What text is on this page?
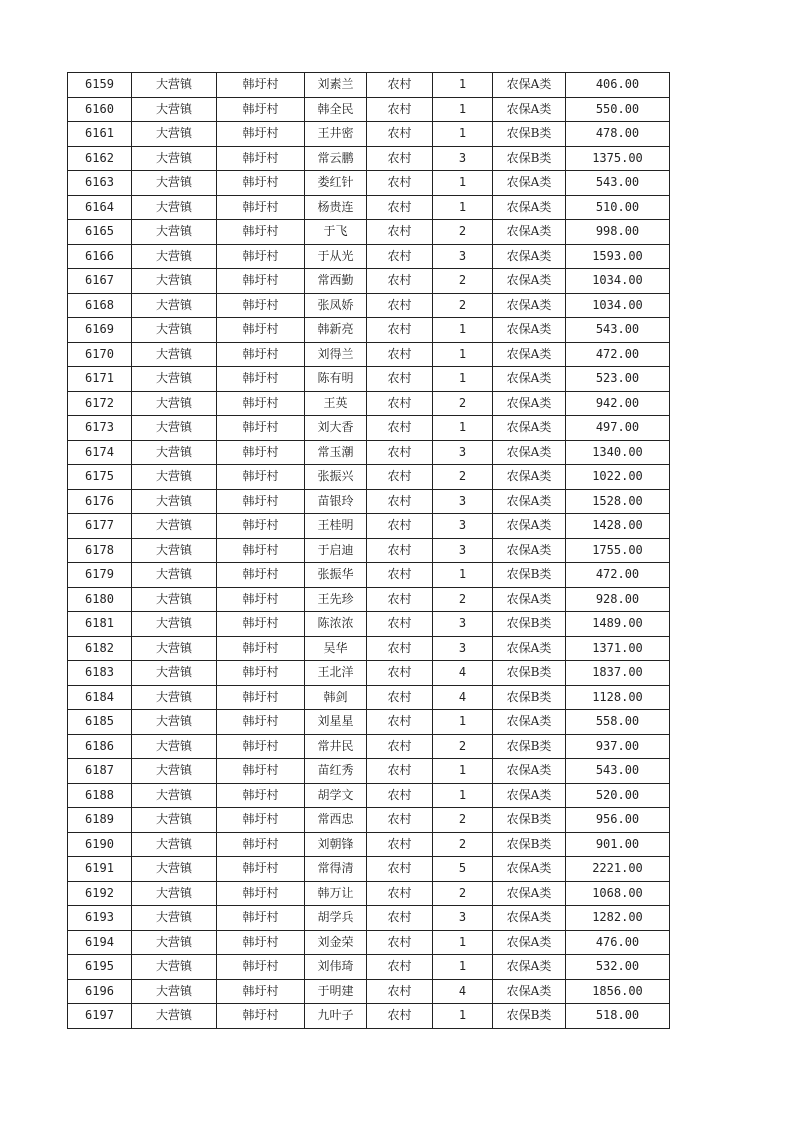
6159	大营镇	韩圩村	刘素兰	农村	1	农保A类	406.00
6160	大营镇	韩圩村	韩全民	农村	1	农保A类	550.00
6161	大营镇	韩圩村	王井密	农村	1	农保B类	478.00
6162	大营镇	韩圩村	常云鹏	农村	3	农保B类	1375.00
6163	大营镇	韩圩村	娄红针	农村	1	农保A类	543.00
6164	大营镇	韩圩村	杨贵连	农村	1	农保A类	510.00
6165	大营镇	韩圩村	于飞	农村	2	农保A类	998.00
6166	大营镇	韩圩村	于从光	农村	3	农保A类	1593.00
6167	大营镇	韩圩村	常西勤	农村	2	农保A类	1034.00
6168	大营镇	韩圩村	张凤娇	农村	2	农保A类	1034.00
6169	大营镇	韩圩村	韩新亮	农村	1	农保A类	543.00
6170	大营镇	韩圩村	刘得兰	农村	1	农保A类	472.00
6171	大营镇	韩圩村	陈有明	农村	1	农保A类	523.00
6172	大营镇	韩圩村	王英	农村	2	农保A类	942.00
6173	大营镇	韩圩村	刘大香	农村	1	农保A类	497.00
6174	大营镇	韩圩村	常玉潮	农村	3	农保A类	1340.00
6175	大营镇	韩圩村	张振兴	农村	2	农保A类	1022.00
6176	大营镇	韩圩村	苗银玲	农村	3	农保A类	1528.00
6177	大营镇	韩圩村	王桂明	农村	3	农保A类	1428.00
6178	大营镇	韩圩村	于启迪	农村	3	农保A类	1755.00
6179	大营镇	韩圩村	张振华	农村	1	农保B类	472.00
6180	大营镇	韩圩村	王先珍	农村	2	农保A类	928.00
6181	大营镇	韩圩村	陈浓浓	农村	3	农保B类	1489.00
6182	大营镇	韩圩村	吴华	农村	3	农保A类	1371.00
6183	大营镇	韩圩村	王北洋	农村	4	农保B类	1837.00
6184	大营镇	韩圩村	韩剑	农村	4	农保B类	1128.00
6185	大营镇	韩圩村	刘星星	农村	1	农保A类	558.00
6186	大营镇	韩圩村	常井民	农村	2	农保B类	937.00
6187	大营镇	韩圩村	苗红秀	农村	1	农保A类	543.00
6188	大营镇	韩圩村	胡学文	农村	1	农保A类	520.00
6189	大营镇	韩圩村	常西忠	农村	2	农保B类	956.00
6190	大营镇	韩圩村	刘朝锋	农村	2	农保B类	901.00
6191	大营镇	韩圩村	常得清	农村	5	农保A类	2221.00
6192	大营镇	韩圩村	韩万让	农村	2	农保A类	1068.00
6193	大营镇	韩圩村	胡学兵	农村	3	农保A类	1282.00
6194	大营镇	韩圩村	刘金荣	农村	1	农保A类	476.00
6195	大营镇	韩圩村	刘伟琦	农村	1	农保A类	532.00
6196	大营镇	韩圩村	于明建	农村	4	农保A类	1856.00
6197	大营镇	韩圩村	九叶子	农村	1	农保B类	518.00
